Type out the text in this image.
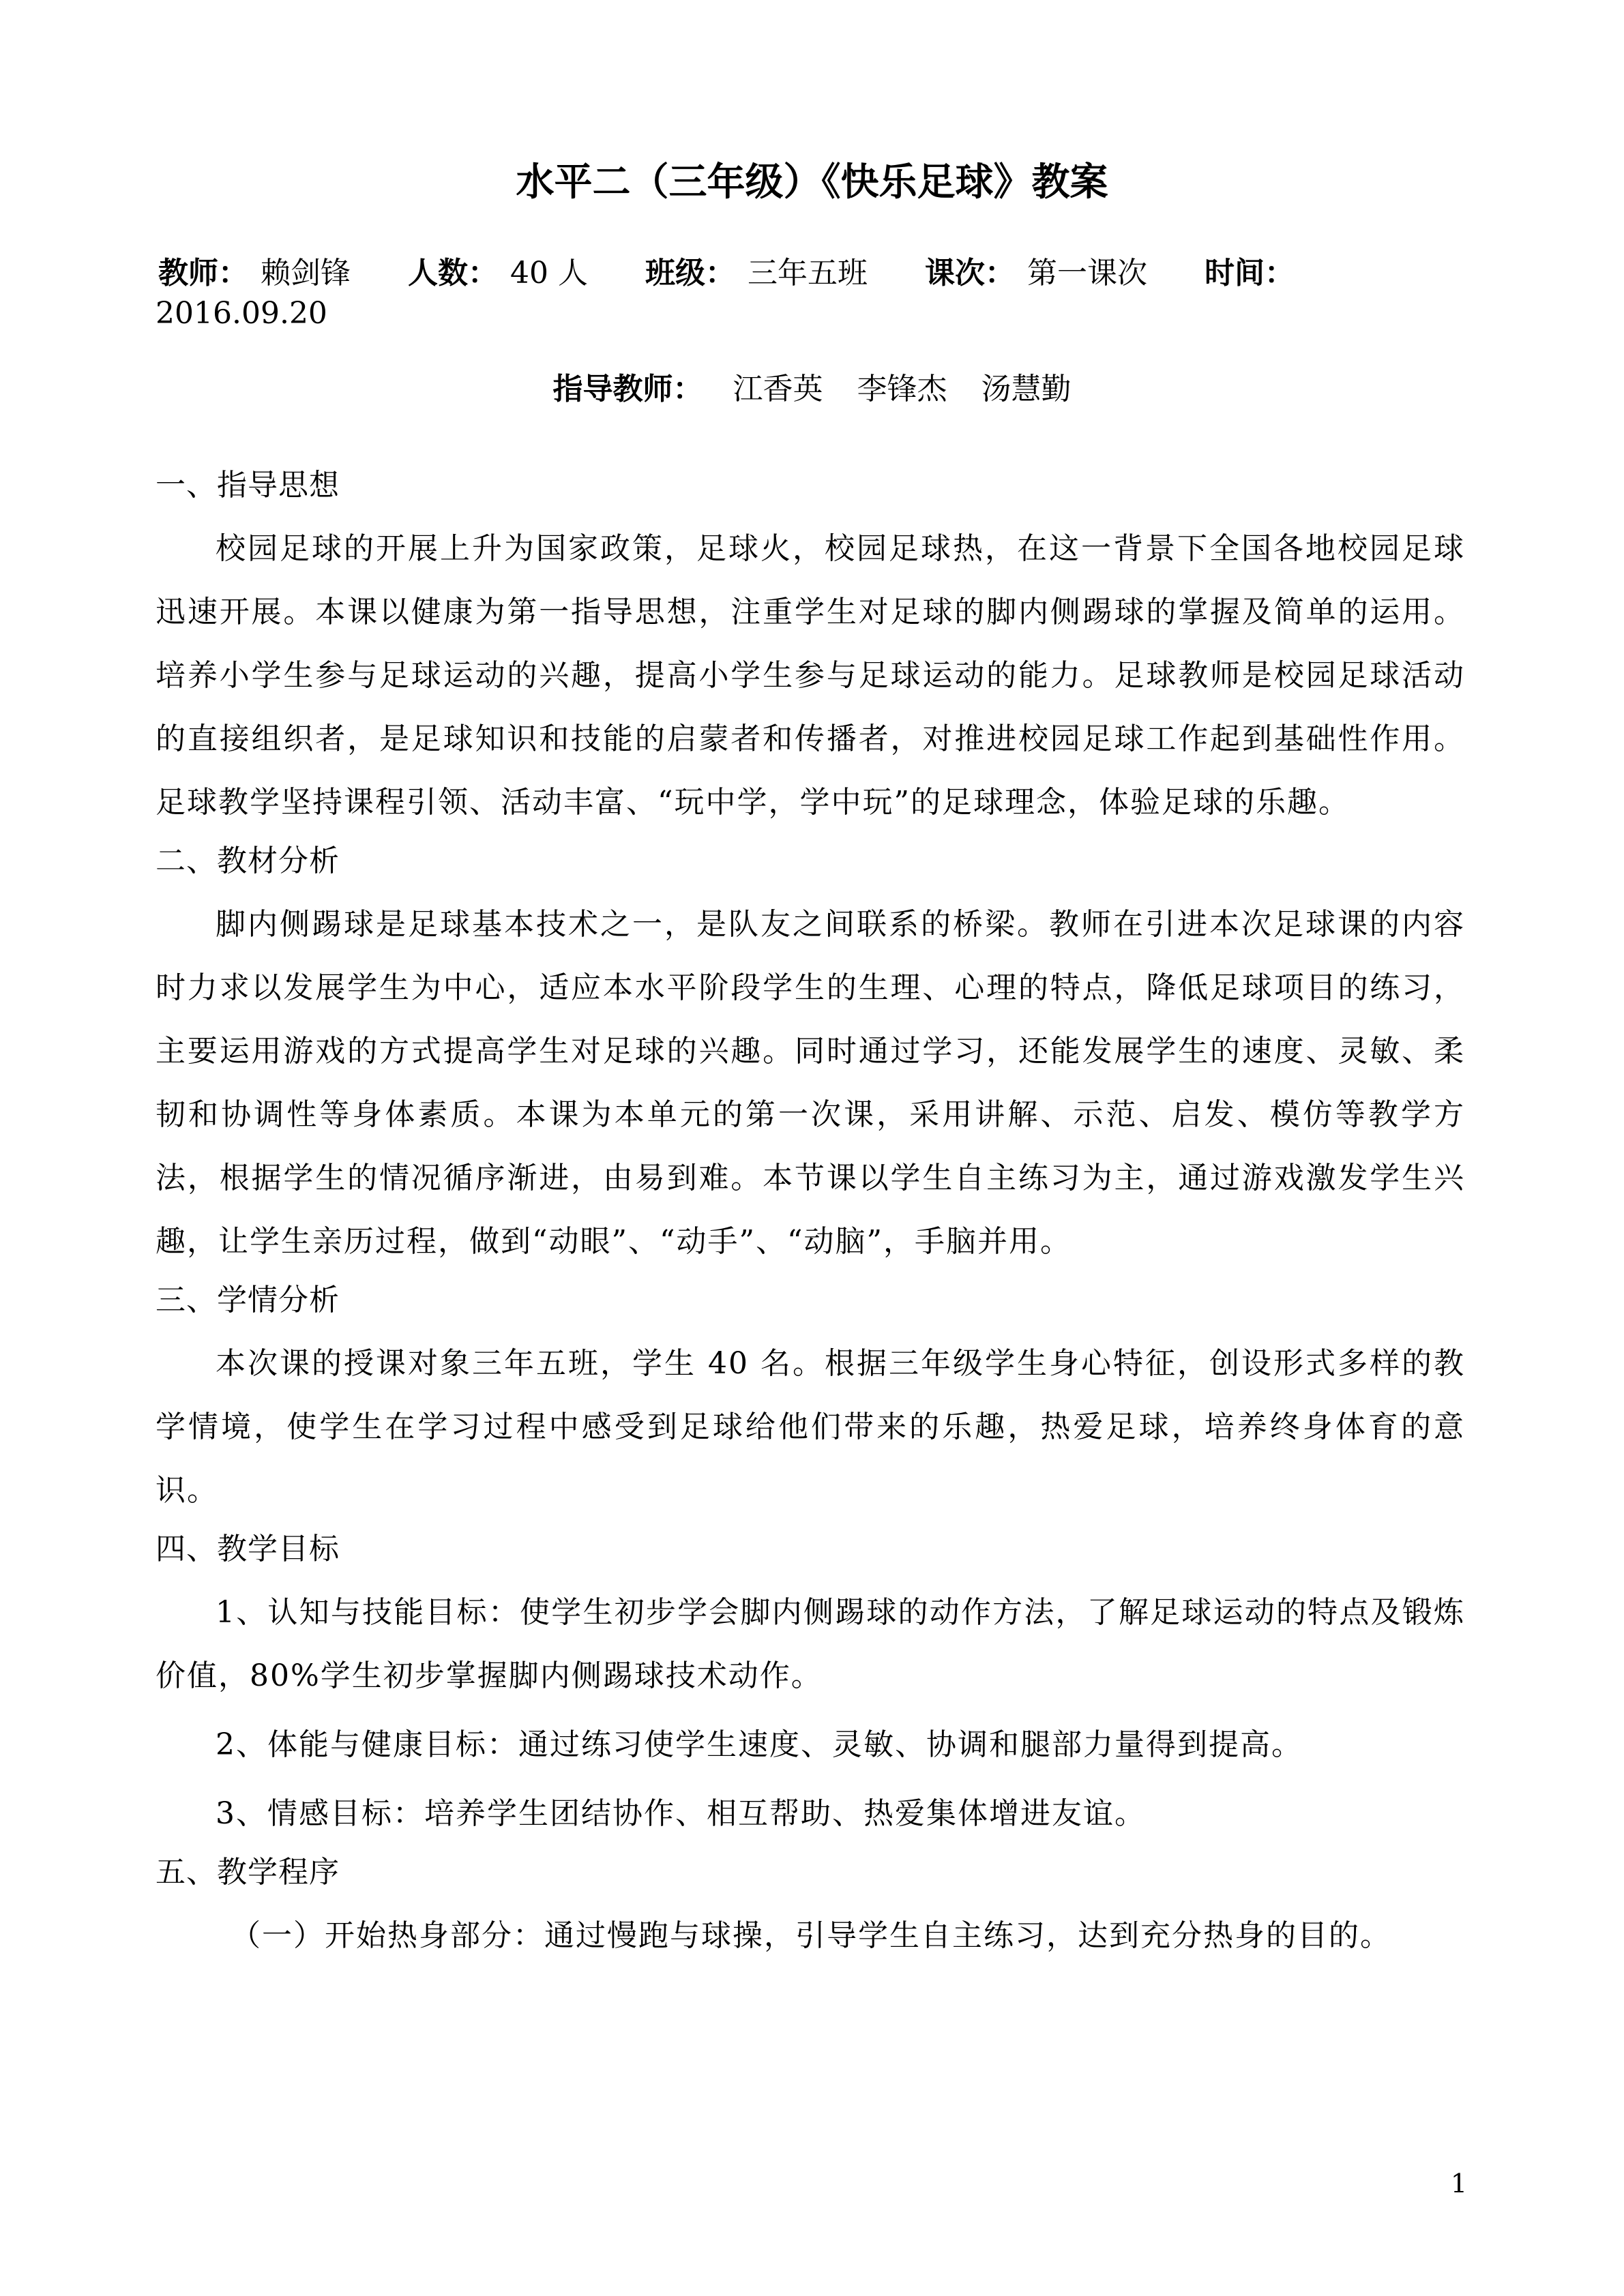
水平二（三年级）《快乐足球》教案
教师： 赖剑锋 人数： 40 人 班级： 三年五班 课次： 第一课次 时间：
2016.09.20
指导教师： 江香英 李锋杰 汤慧勤
一、指导思想
校园足球的开展上升为国家政策，足球火，校园足球热，在这一背景下全国各地校园足球迅速开展。本课以健康为第一指导思想，注重学生对足球的脚内侧踢球的掌握及简单的运用。培养小学生参与足球运动的兴趣，提高小学生参与足球运动的能力。足球教师是校园足球活动的直接组织者，是足球知识和技能的启蒙者和传播者，对推进校园足球工作起到基础性作用。足球教学坚持课程引领、活动丰富、“玩中学，学中玩”的足球理念，体验足球的乐趣。
二、教材分析
脚内侧踢球是足球基本技术之一，是队友之间联系的桥梁。教师在引进本次足球课的内容时力求以发展学生为中心，适应本水平阶段学生的生理、心理的特点，降低足球项目的练习，主要运用游戏的方式提高学生对足球的兴趣。同时通过学习，还能发展学生的速度、灵敏、柔韧和协调性等身体素质。本课为本单元的第一次课，采用讲解、示范、启发、模仿等教学方法，根据学生的情况循序渐进，由易到难。本节课以学生自主练习为主，通过游戏激发学生兴趣，让学生亲历过程，做到“动眼”、“动手”、“动脑”，手脑并用。
三、学情分析
本次课的授课对象三年五班，学生 40 名。根据三年级学生身心特征，创设形式多样的教学情境，使学生在学习过程中感受到足球给他们带来的乐趣，热爱足球，培养终身体育的意识。
四、教学目标
1、认知与技能目标：使学生初步学会脚内侧踢球的动作方法，了解足球运动的特点及锻炼价值，80%学生初步掌握脚内侧踢球技术动作。
2、体能与健康目标：通过练习使学生速度、灵敏、协调和腿部力量得到提高。
3、情感目标：培养学生团结协作、相互帮助、热爱集体增进友谊。
五、教学程序
（一）开始热身部分：通过慢跑与球操，引导学生自主练习，达到充分热身的目的。
1
